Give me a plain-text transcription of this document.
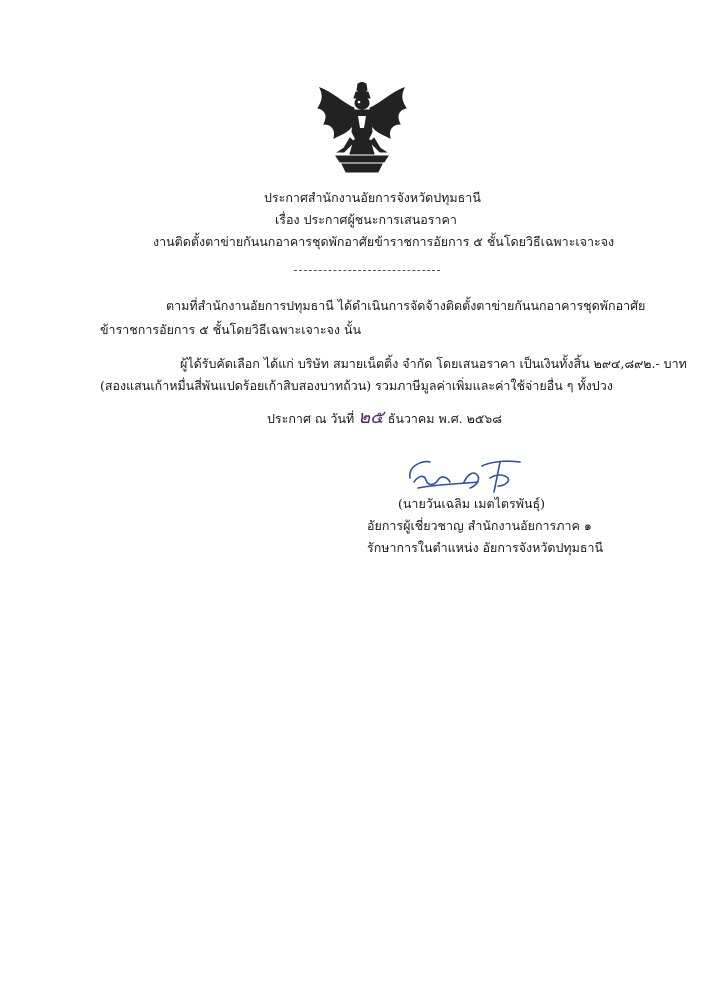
ประกาศสำนักงานอัยการจังหวัดปทุมธานี
เรื่อง ประกาศผู้ชนะการเสนอราคา
งานติดตั้งตาข่ายกันนกอาคารชุดพักอาศัยข้าราชการอัยการ ๕ ชั้นโดยวิธีเฉพาะเจาะจง
ตามที่สำนักงานอัยการปทุมธานี ได้ดำเนินการจัดจ้างติดตั้งตาข่ายกันนกอาคารชุดพักอาศัย
ข้าราชการอัยการ ๕ ชั้นโดยวิธีเฉพาะเจาะจง นั้น
ผู้ได้รับคัดเลือก ได้แก่ บริษัท สมายเน็ตติ้ง จำกัด โดยเสนอราคา เป็นเงินทั้งสิ้น ๒๙๔,๘๙๒.- บาท
(สองแสนเก้าหมื่นสี่พันแปดร้อยเก้าสิบสองบาทถ้วน) รวมภาษีมูลค่าเพิ่มและค่าใช้จ่ายอื่น ๆ ทั้งปวง
ประกาศ ณ วันที่ ๒๕ ธันวาคม พ.ศ. ๒๕๖๘
(นายวันเฉลิม เมตไตรพันธุ์)
อัยการผู้เชี่ยวชาญ สำนักงานอัยการภาค ๑
รักษาการในตำแหน่ง อัยการจังหวัดปทุมธานี
